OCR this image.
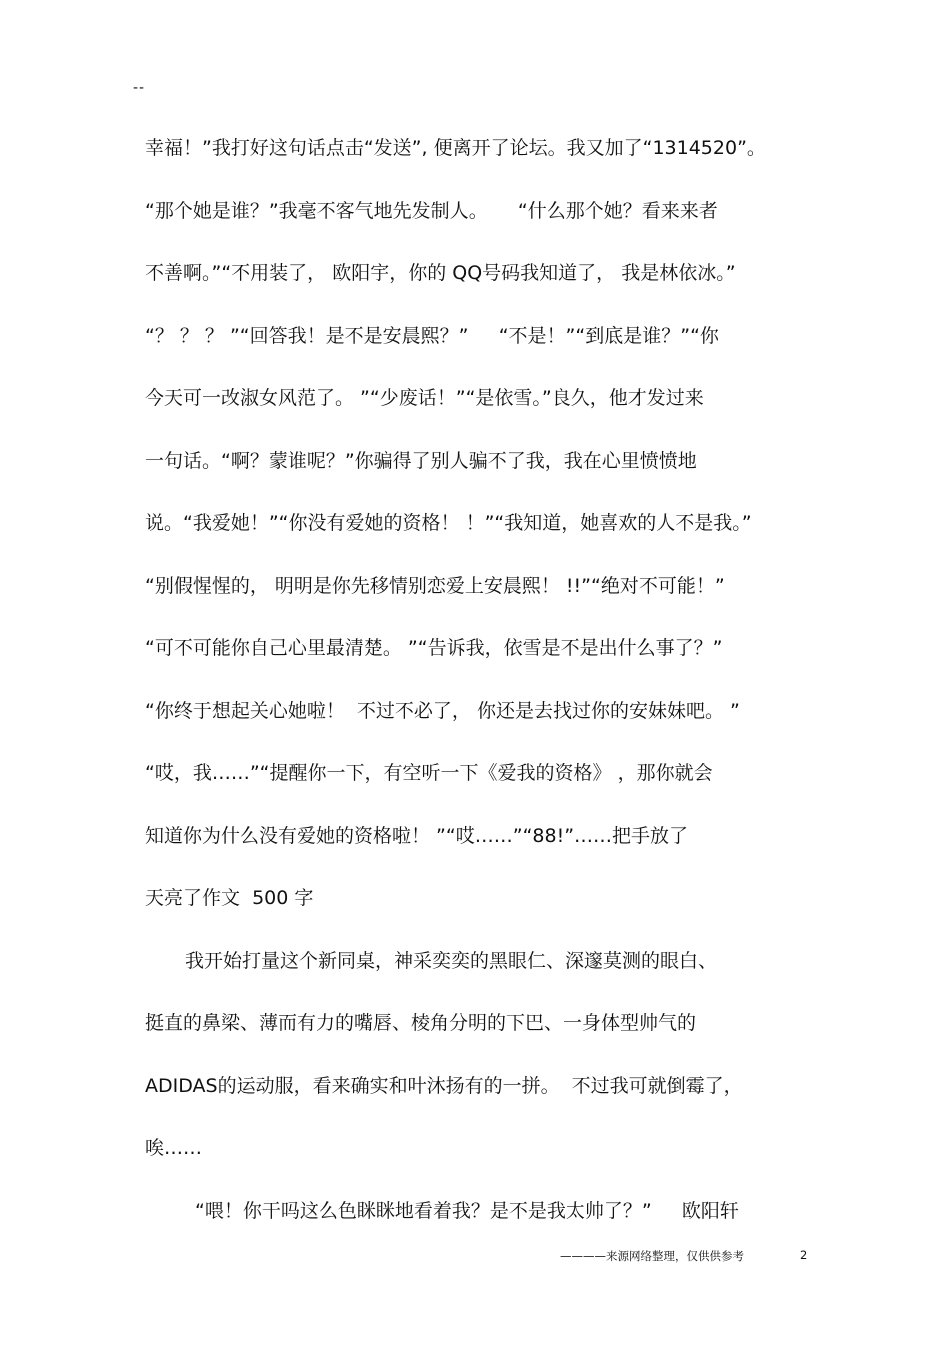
--
幸福！”我打好这句话点击“发送”, 便离开了论坛。我又加了“1314520”。
“那个她是谁？”我毫不客气地先发制人。     “什么那个她？看来来者
不善啊。”“不用装了， 欧阳宇，你的 QQ号码我知道了， 我是林依冰。”
“？ ？ ？ ”“回答我！是不是安晨熙？”     “不是！”“到底是谁？”“你
今天可一改淑女风范了。 ”“少废话！”“是依雪。”良久，他才发过来
一句话。“啊？蒙谁呢？”你骗得了别人骗不了我，我在心里愤愤地
说。“我爱她！”“你没有爱她的资格！ ！”“我知道，她喜欢的人不是我。”
“别假惺惺的， 明明是你先移情别恋爱上安晨熙！ !!”“绝对不可能！”
“可不可能你自己心里最清楚。 ”“告诉我，依雪是不是出什么事了？”
“你终于想起关心她啦！  不过不必了， 你还是去找过你的安妹妹吧。 ”
“哎，我……”“提醒你一下，有空听一下《爱我的资格》 ，那你就会
知道你为什么没有爱她的资格啦！ ”“哎……”“88!”……把手放了
天亮了作文  500 字
我开始打量这个新同桌，神采奕奕的黑眼仁、深邃莫测的眼白、
挺直的鼻梁、薄而有力的嘴唇、棱角分明的下巴、一身体型帅气的
ADIDAS的运动服，看来确实和叶沐扬有的一拼。  不过我可就倒霉了，
唉……
“喂！你干吗这么色眯眯地看着我？是不是我太帅了？”     欧阳轩
————来源网络整理，仅供供参考	2
